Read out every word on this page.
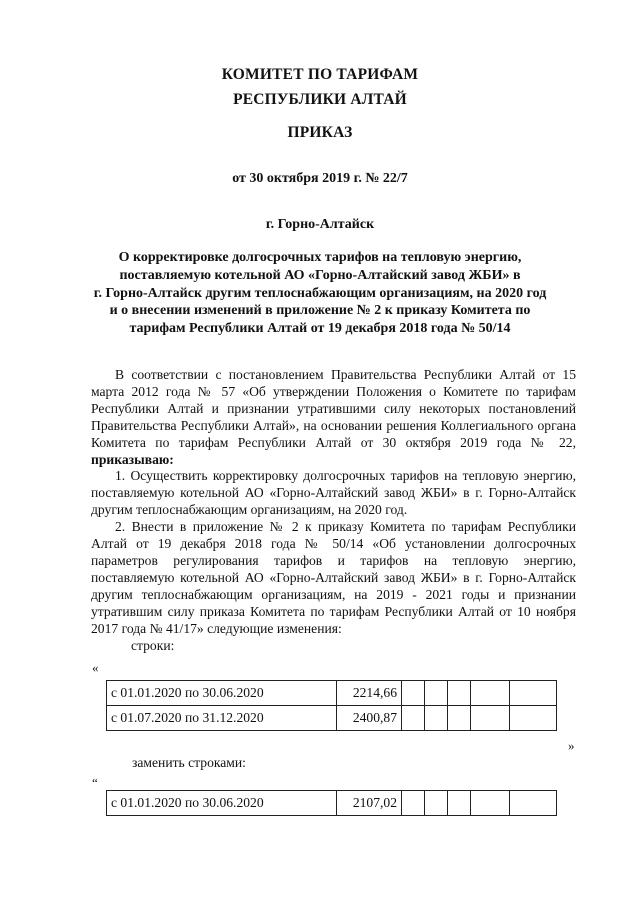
КОМИТЕТ ПО ТАРИФАМ
РЕСПУБЛИКИ АЛТАЙ
ПРИКАЗ
от 30 октября 2019 г. № 22/7
г. Горно-Алтайск
О корректировке долгосрочных тарифов на тепловую энергию,
поставляемую котельной АО «Горно-Алтайский завод ЖБИ» в
г. Горно-Алтайск другим теплоснабжающим организациям, на 2020 год
и о внесении изменений в приложение № 2 к приказу Комитета по
тарифам Республики Алтай от 19 декабря 2018 года № 50/14

В соответствии с постановлением Правительства Республики Алтай от 15 марта 2012 года № 57 «Об утверждении Положения о Комитете по тарифам Республики Алтай и признании утратившими силу некоторых постановлений Правительства Республики Алтай», на основании решения Коллегиального органа Комитета по тарифам Республики Алтай от 30 октября 2019 года № 22, приказываю:

1. Осуществить корректировку долгосрочных тарифов на тепловую энергию, поставляемую котельной АО «Горно-Алтайский завод ЖБИ» в г. Горно-Алтайск другим теплоснабжающим организациям, на 2020 год.

2. Внести в приложение № 2 к приказу Комитета по тарифам Республики Алтай от 19 декабря 2018 года № 50/14 «Об установлении долгосрочных параметров регулирования тарифов и тарифов на тепловую энергию, поставляемую котельной АО «Горно-Алтайский завод ЖБИ» в г. Горно-Алтайск другим теплоснабжающим организациям, на 2019 - 2021 годы и признании утратившим силу приказа Комитета по тарифам Республики Алтай от 10 ноября 2017 года № 41/17» следующие изменения:

строки:

«
с 01.01.2020 по 30.06.2020	2214,66					
с 01.07.2020 по 31.12.2020	2400,87					
»
заменить строками:
“
с 01.01.2020 по 30.06.2020	2107,02					
